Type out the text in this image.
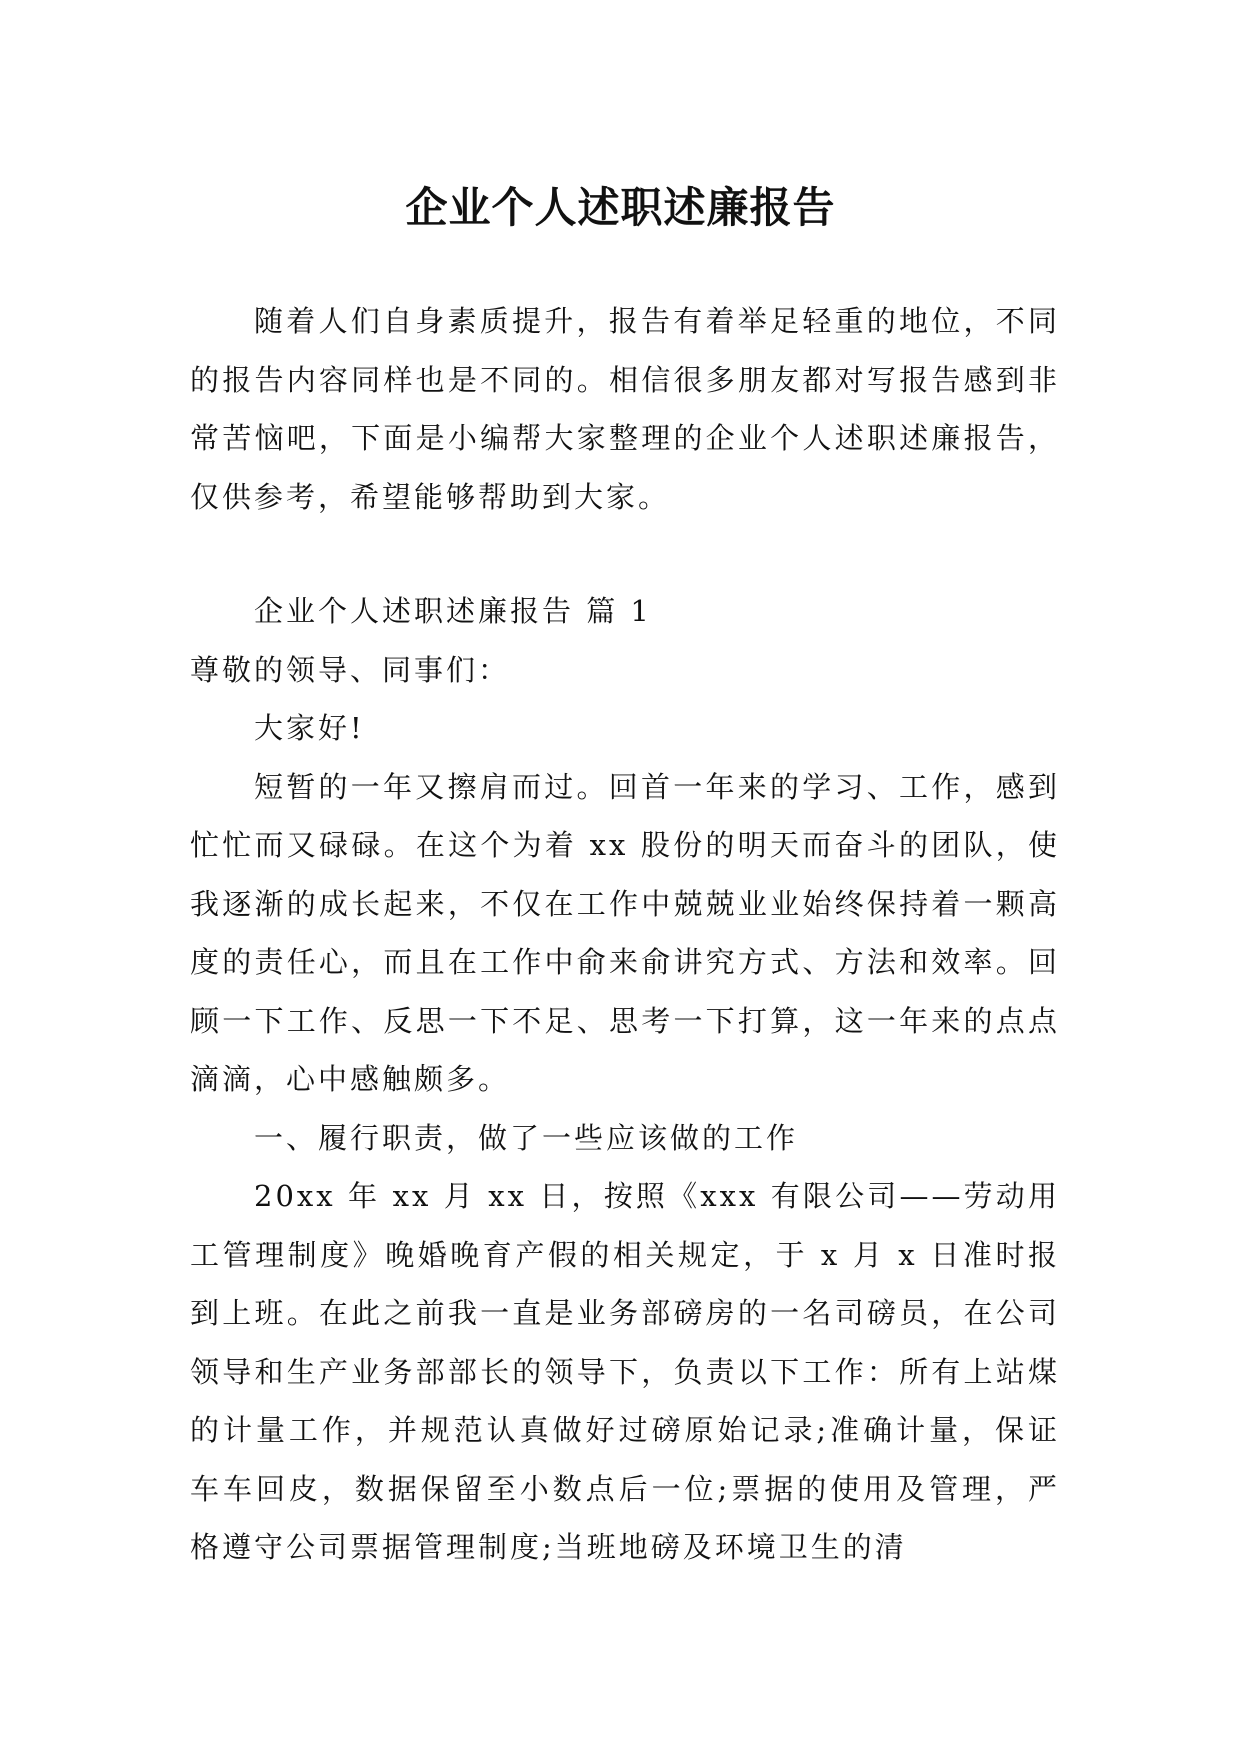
企业个人述职述廉报告

随着人们自身素质提升，报告有着举足轻重的地位，不同的报告内容同样也是不同的。相信很多朋友都对写报告感到非常苦恼吧，下面是小编帮大家整理的企业个人述职述廉报告，仅供参考，希望能够帮助到大家。

企业个人述职述廉报告 篇 1

尊敬的领导、同事们：

大家好!

短暂的一年又擦肩而过。回首一年来的学习、工作，感到忙忙而又碌碌。在这个为着 xx 股份的明天而奋斗的团队，使我逐渐的成长起来，不仅在工作中兢兢业业始终保持着一颗高度的责任心，而且在工作中俞来俞讲究方式、方法和效率。回顾一下工作、反思一下不足、思考一下打算，这一年来的点点滴滴，心中感触颇多。

一、履行职责，做了一些应该做的工作

20xx 年 xx 月 xx 日，按照《xxx 有限公司——劳动用工管理制度》晚婚晚育产假的相关规定，于 x 月 x 日准时报到上班。在此之前我一直是业务部磅房的一名司磅员，在公司领导和生产业务部部长的领导下，负责以下工作：所有上站煤的计量工作，并规范认真做好过磅原始记录;准确计量，保证车车回皮，数据保留至小数点后一位;票据的使用及管理，严格遵守公司票据管理制度;当班地磅及环境卫生的清
